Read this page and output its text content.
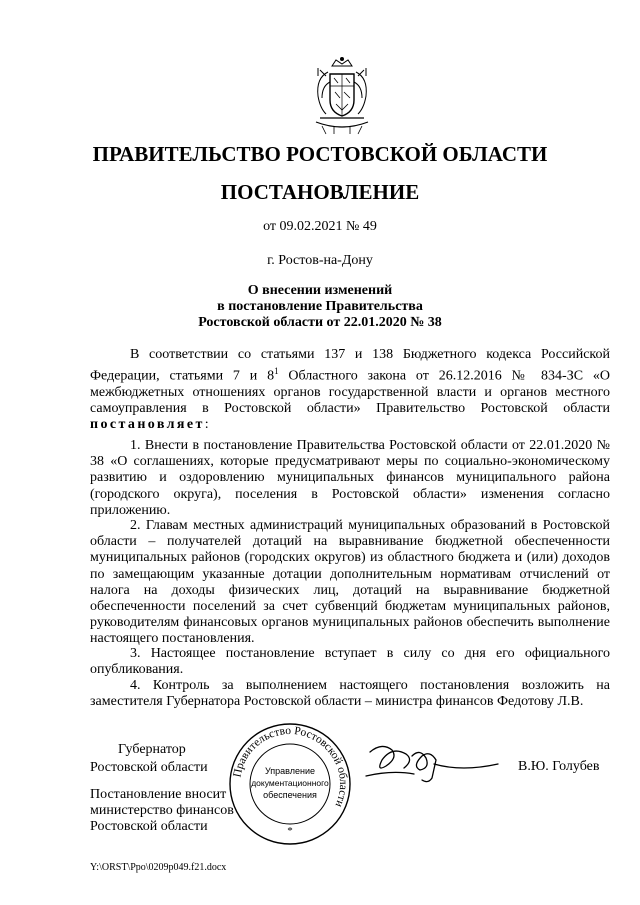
ПРАВИТЕЛЬСТВО РОСТОВСКОЙ ОБЛАСТИ
ПОСТАНОВЛЕНИЕ
от 09.02.2021 № 49
г. Ростов-на-Дону
О внесении изменений
в постановление Правительства
Ростовской области от 22.01.2020 № 38
В соответствии со статьями 137 и 138 Бюджетного кодекса Российской Федерации, статьями 7 и $8^1$ Областного закона от 26.12.2016 № 834-ЗС «О межбюджетных отношениях органов государственной власти и органов местного самоуправления в Ростовской области» Правительство Ростовской области постановляет:
1. Внести в постановление Правительства Ростовской области от 22.01.2020 № 38 «О соглашениях, которые предусматривают меры по социально-экономическому развитию и оздоровлению муниципальных финансов муниципального района (городского округа), поселения в Ростовской области» изменения согласно приложению.
2. Главам местных администраций муниципальных образований в Ростовской области – получателей дотаций на выравнивание бюджетной обеспеченности муниципальных районов (городских округов) из областного бюджета и (или) доходов по замещающим указанные дотации дополнительным нормативам отчислений от налога на доходы физических лиц, дотаций на выравнивание бюджетной обеспеченности поселений за счет субвенций бюджетам муниципальных районов, руководителям финансовых органов муниципальных районов обеспечить выполнение настоящего постановления.
3. Настоящее постановление вступает в силу со дня его официального опубликования.
4. Контроль за выполнением настоящего постановления возложить на заместителя Губернатора Ростовской области – министра финансов Федотову Л.В.
Правительство Ростовской области
*
Управление
документационного
обеспечения
Губернатор
Ростовской области	В.Ю. Голубев
Постановление вносит
министерство финансов
Ростовской области
Y:\ORST\Ppo\0209p049.f21.docx
